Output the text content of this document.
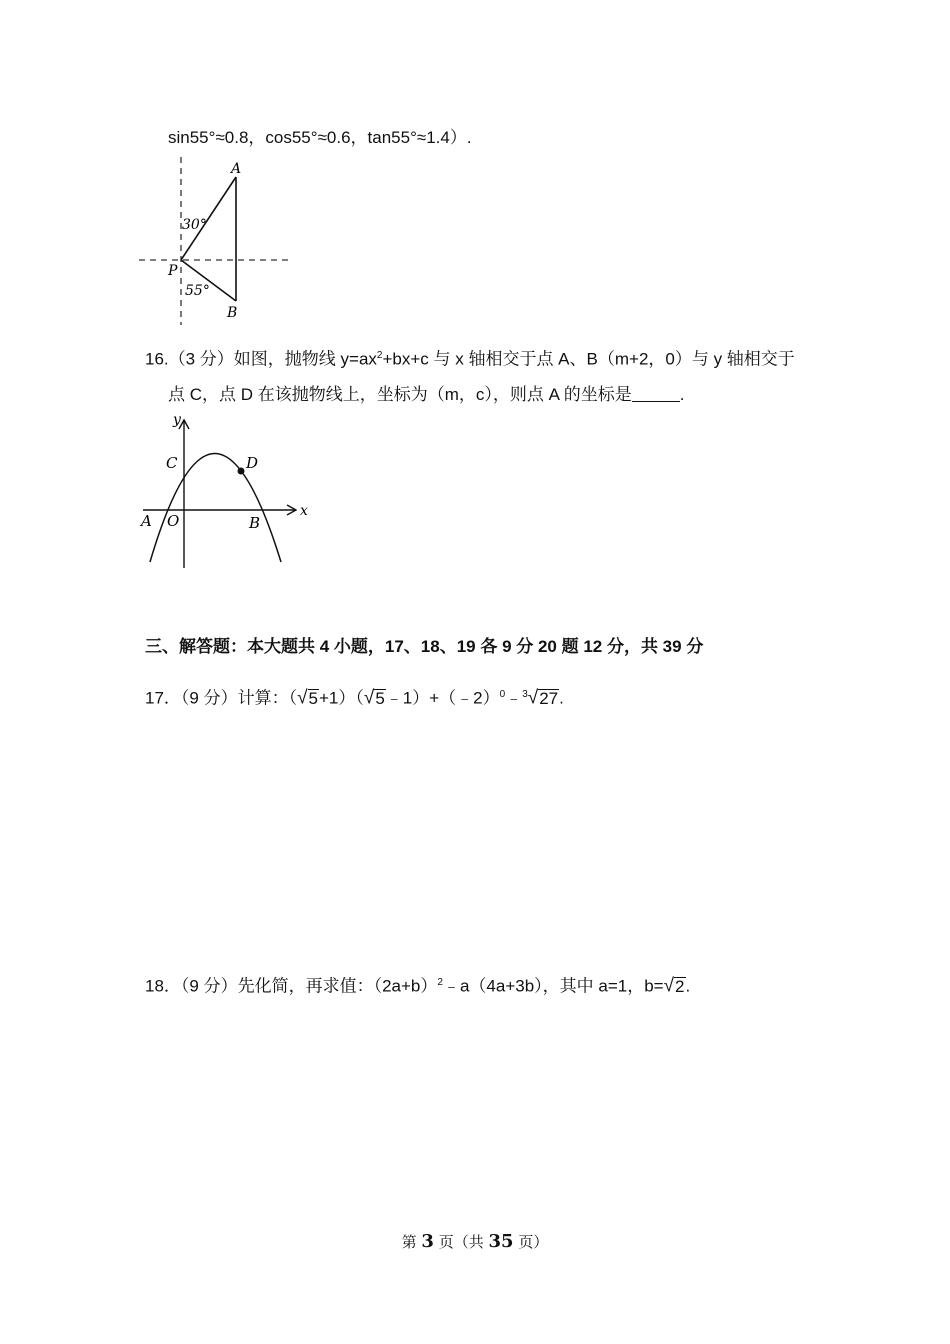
sin55°≈0.8，cos55°≈0.6，tan55°≈1.4）.
A
30°
P
55°
B
16.（3 分）如图，抛物线 $y=ax^2+bx+c$ 与 x 轴相交于点 A、B（m+2，0）与 y 轴相交于
点 C，点 D 在该抛物线上，坐标为（m，c），则点 A 的坐标是	.
y
C	D
x
A O	B
三、解答题：本大题共 4 小题，17、18、19 各 9 分 20 题 12 分，共 39 分
17．（9 分）计算：（√5+1）（√5﹣1）+（﹣2）$^0$﹣$^3$√27.
18．（9 分）先化简，再求值：$(2a+b)^2﹣a(4a+3b)$，其中 a=1，b=√2.
第 3 页（共 35 页）
